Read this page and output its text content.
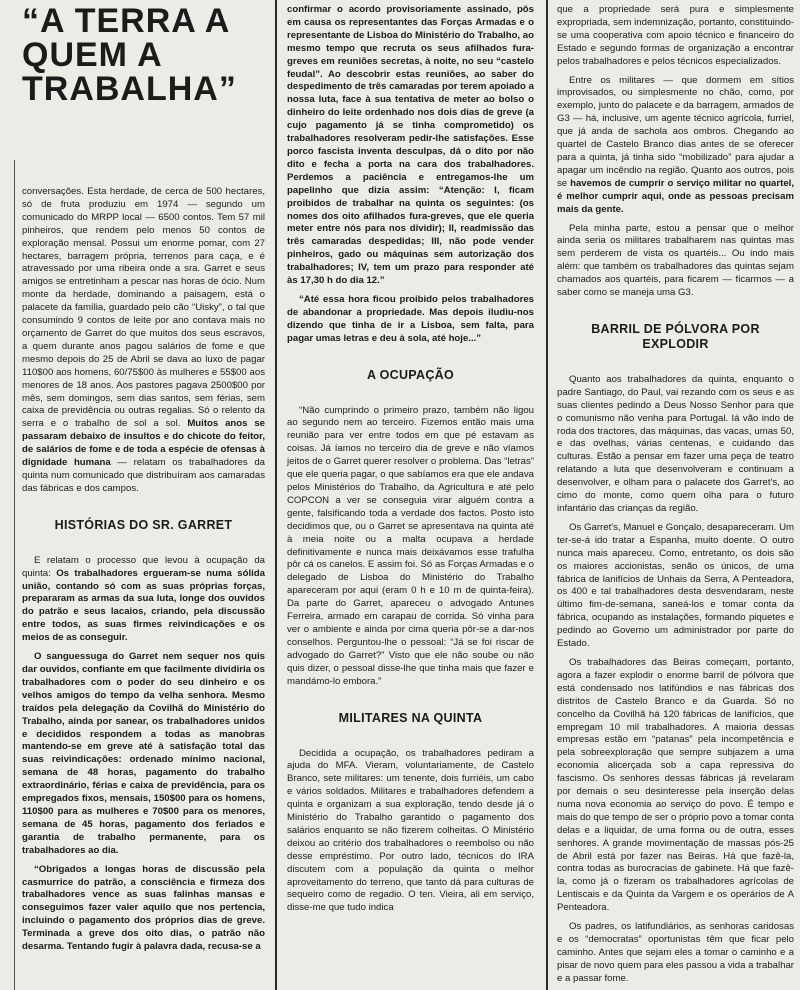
“A TERRA A QUEM A TRABALHA”

conversações. Esta herdade, de cerca de 500 hectares, só de fruta produziu em 1974 — segundo um comunicado do MRPP local — 6500 contos. Tem 57 mil pinheiros, que rendem pelo menos 50 contos de exploração mensal. Possui um enorme pomar, com 27 hectares, barragem própria, terrenos para caça, e é atravessado por uma ribeira onde a sra. Garret e seus amigos se entretinham a pescar nas horas de ócio. Num monte da herdade, dominando a paisagem, está o palacete da família, guardado pelo cão “Uisky”, o tal que consumindo 9 contos de leite por ano contava mais no orçamento de Garret do que muitos dos seus escravos, a quem durante anos pagou salários de fome e que mesmo depois do 25 de Abril se dava ao luxo de pagar 110$00 aos homens, 60/75$00 às mulheres e 55$00 aos menores de 18 anos. Aos pastores pagava 2500$00 por mês, sem domingos, sem dias santos, sem férias, sem caixa de previdência ou outras regalias. Só o relento da serra e o trabalho de sol a sol. Muitos anos se passaram debaixo de insultos e do chicote do feitor, de salários de fome e de toda a espécie de ofensas à dignidade humana — relatam os trabalhadores da quinta num comunicado que distribuíram aos camaradas das fábricas e dos campos.

HISTÓRIAS DO SR. GARRET

E relatam o processo que levou à ocupação da quinta: Os trabalhadores ergueram-se numa sólida união, contando só com as suas próprias forças, prepararam as armas da sua luta, longe dos ouvidos do patrão e seus lacaios, criando, pela discussão entre todos, as suas firmes reivindicações e os meios de as conseguir.

O sanguessuga do Garret nem sequer nos quis dar ouvidos, confiante em que facilmente dividiria os trabalhadores com o poder do seu dinheiro e os velhos amigos do tempo da velha senhora. Mesmo traídos pela delegação da Covilhã do Ministério do Trabalho, ainda por sanear, os trabalhadores unidos e decididos respondem a todas as manobras mantendo-se em greve até à satisfação total das suas reivindicações: ordenado mínimo nacional, semana de 48 horas, pagamento do trabalho extraordinário, férias e caixa de previdência, para os empregados fixos, mensais, 150$00 para os homens, 110$00 para as mulheres e 70$00 para os menores, semana de 45 horas, pagamento dos feriados e garantia de trabalho permanente, para os trabalhadores ao dia.

“Obrigados a longas horas de discussão pela casmurrice do patrão, a consciência e firmeza dos trabalhadores vence as suas falinhas mansas e conseguimos fazer valer aquilo que nos pertencia, incluindo o pagamento dos próprios dias de greve. Terminada a greve dos oito dias, o patrão não desarma. Tentando fugir à palavra dada, recusa-se a

confirmar o acordo provisoriamente assinado, pôs em causa os representantes das Forças Armadas e o representante de Lisboa do Ministério do Trabalho, ao mesmo tempo que recruta os seus afilhados fura-greves em reuniões secretas, à noite, no seu “castelo feudal”. Ao descobrir estas reuniões, ao saber do despedimento de três camaradas por terem apoiado a nossa luta, face à sua tentativa de meter ao bolso o dinheiro do leite ordenhado nos dois dias de greve (a cujo pagamento já se tinha comprometido) os trabalhadores resolveram pedir-lhe satisfações. Esse porco fascista inventa desculpas, dá o dito por não dito e fecha a porta na cara dos trabalhadores. Perdemos a paciência e entregamos-lhe um papelinho que dizia assim: “Atenção: I, ficam proibidos de trabalhar na quinta os seguintes: (os nomes dos oito afilhados fura-greves, que ele queria meter entre nós para nos dividir); II, readmissão das três camaradas despedidas; III, não pode vender pinheiros, gado ou máquinas sem autorização dos trabalhadores; IV, tem um prazo para responder até às 17,30 h do dia 12.”

“Até essa hora ficou proibido pelos trabalhadores de abandonar a propriedade. Mas depois iludiu-nos dizendo que tinha de ir a Lisboa, sem falta, para pagar umas letras e deu à sola, até hoje...”

A OCUPAÇÃO

“Não cumprindo o primeiro prazo, também não ligou ao segundo nem ao terceiro. Fizemos então mais uma reunião para ver entre todos em que pé estavam as coisas. Já íamos no terceiro dia de greve e não víamos jeitos de o Garret querer resolver o problema. Das “letras” que ele queria pagar, o que sabíamos era que ele andava pelos Ministérios do Trabalho, da Agricultura e até pelo COPCON a ver se conseguia virar alguém contra a gente, falsificando toda a verdade dos factos. Posto isto decidimos que, ou o Garret se apresentava na quinta até à meia noite ou a malta ocupava a herdade definitivamente e nunca mais deixávamos esse trafulha pôr cá os canelos. E assim foi. Só as Forças Armadas e o delegado de Lisboa do Ministério do Trabalho apareceram por aqui (eram 0 h e 10 m de quinta-feira). Da parte do Garret, apareceu o advogado Antunes Ferreira, armado em carapau de corrida. Só vinha para ver o ambiente e ainda por cima queria pôr-se a dar-nos conselhos. Perguntou-lhe o pessoal: “Já se foi riscar de advogado do Garret?” Visto que ele não soube ou não quis dizer, o pessoal disse-lhe que tinha mais que fazer e mandámo-lo embora.”

MILITARES NA QUINTA

Decidida a ocupação, os trabalhadores pediram a ajuda do MFA. Vieram, voluntariamente, de Castelo Branco, sete militares: um tenente, dois furriéis, um cabo e vários soldados. Militares e trabalhadores defendem a quinta e organizam a sua exploração, tendo desde já o Ministério do Trabalho garantido o pagamento dos salários enquanto se não fizerem colheitas. O Ministério deixou ao critério dos trabalhadores o reembolso ou não desse empréstimo. Por outro lado, técnicos do IRA discutem com a população da quinta o melhor aproveitamento do terreno, que tanto dá para culturas de sequeiro como de regadio. O ten. Vieira, ali em serviço, disse-me que tudo indica

que a propriedade será pura e simplesmente expropriada, sem indemnização, portanto, constituindo-se uma cooperativa com apoio técnico e financeiro do Estado e segundo formas de organização a encontrar pelos trabalhadores e pelos técnicos especializados.

Entre os militares — que dormem em sítios improvisados, ou simplesmente no chão, como, por exemplo, junto do palacete e da barragem, armados de G3 — há, inclusive, um agente técnico agrícola, furriel, que já anda de sachola aos ombros. Chegando ao quartel de Castelo Branco dias antes de se oferecer para a quinta, já tinha sido “mobilizado” para ajudar a apagar um incêndio na região. Quanto aos outros, pois se havemos de cumprir o serviço militar no quartel, é melhor cumprir aqui, onde as pessoas precisam mais da gente.

Pela minha parte, estou a pensar que o melhor ainda seria os militares trabalharem nas quintas mas sem perderem de vista os quartéis... Ou indo mais além: que também os trabalhadores das quintas sejam chamados aos quartéis, para ficarem — ficarmos — a saber como se maneja uma G3.

BARRIL DE PÓLVORA POR EXPLODIR

Quanto aos trabalhadores da quinta, enquanto o padre Santiago, do Paul, vai rezando com os seus e as suas clientes pedindo a Deus Nosso Senhor para que o comunismo não venha para Portugal. Iá vão indo de roda dos tractores, das máquinas, das vacas, umas 50, e das ovelhas, várias centenas, e cuidando das culturas. Estão a pensar em fazer uma peça de teatro relatando a luta que desenvolveram e continuam a desenvolver, e olham para o palacete dos Garret's, ao cimo do monte, como quem olha para o futuro infantário das crianças da região.

Os Garret's, Manuel e Gonçalo, desapareceram. Um ter-se-á ido tratar a Espanha, muito doente. O outro nunca mais apareceu. Como, entretanto, os dois são os maiores accionistas, senão os únicos, de uma fábrica de lanifícios de Unhais da Serra, A Penteadora, os 400 e tal trabalhadores desta desvendaram, neste último fim-de-semana, saneá-los e tomar conta da fábrica, ocupando as instalações, formando piquetes e pedindo ao Governo um administrador por parte do Estado.

Os trabalhadores das Beiras começam, portanto, agora a fazer explodir o enorme barril de pólvora que está condensado nos latifúndios e nas fábricas dos distritos de Castelo Branco e da Guarda. Só no concelho da Covilhã há 120 fábricas de lanifícios, que empregam 10 mil trabalhadores. A maioria dessas empresas estão em “patanas” pela incompetência e pela sobreexploração que sempre subjazem a uma economia alicerçada sob a capa repressiva do fascismo. Os senhores dessas fábricas já revelaram por demais o seu desinteresse pela inserção delas numa nova economia ao serviço do povo. É tempo e mais do que tempo de ser o próprio povo a tomar conta delas e a liquidar, de uma forma ou de outra, esses senhores. A grande movimentação de massas pós-25 de Abril está por fazer nas Beiras. Há que fazê-la, contra todas as burocracias de gabinete. Há que fazê-la, como já o fizeram os trabalhadores agrícolas de Lentiscais e da Quinta da Vargem e os operários de A Penteadora.

Os padres, os latifundiários, as senhoras caridosas e os “democratas” oportunistas têm que ficar pelo caminho. Antes que sejam eles a tomar o caminho e a pisar de novo quem para eles passou a vida a trabalhar e a passar fome.
